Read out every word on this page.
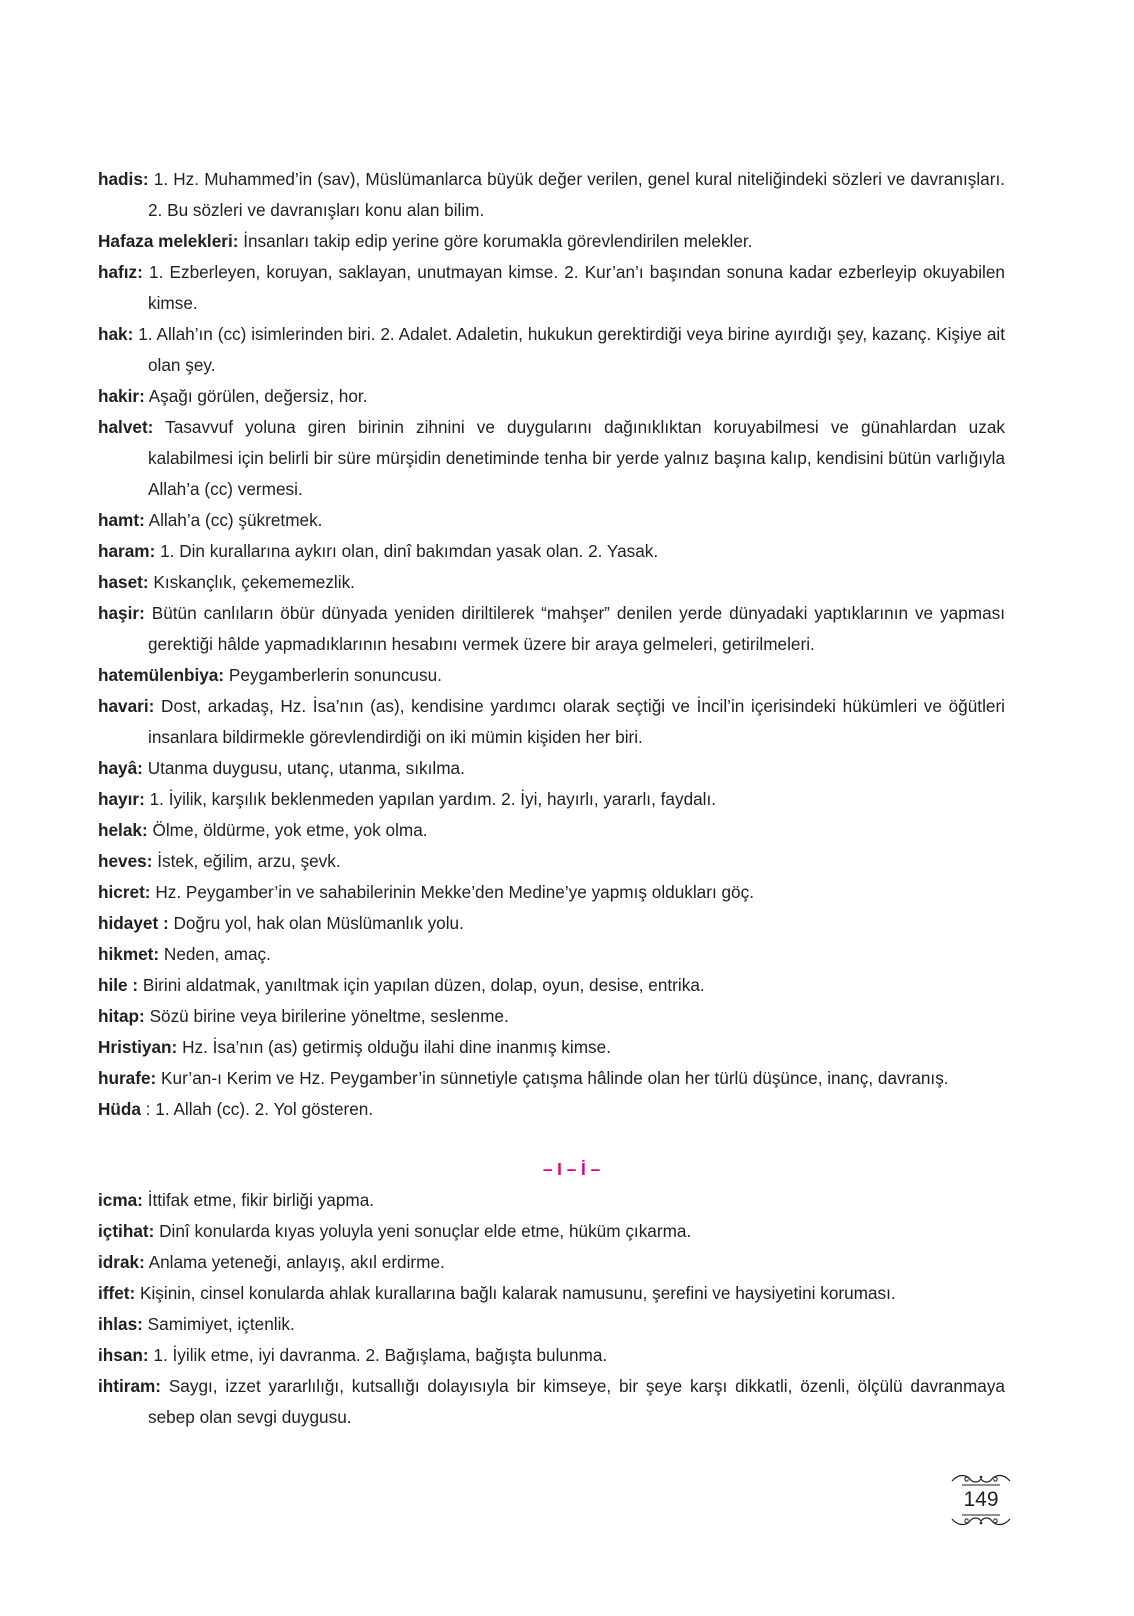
hadis: 1. Hz. Muhammed’in (sav), Müslümanlarca büyük değer verilen, genel kural niteliğindeki sözleri ve davranışları. 2. Bu sözleri ve davranışları konu alan bilim.

Hafaza melekleri: İnsanları takip edip yerine göre korumakla görevlendirilen melekler.

hafız: 1. Ezberleyen, koruyan, saklayan, unutmayan kimse. 2. Kur’an’ı başından sonuna kadar ezberleyip okuyabilen kimse.

hak: 1. Allah’ın (cc) isimlerinden biri. 2. Adalet. Adaletin, hukukun gerektirdiği veya birine ayırdığı şey, kazanç. Kişiye ait olan şey.

hakir: Aşağı görülen, değersiz, hor.

halvet: Tasavvuf yoluna giren birinin zihnini ve duygularını dağınıklıktan koruyabilmesi ve günahlardan uzak kalabilmesi için belirli bir süre mürşidin denetiminde tenha bir yerde yalnız başına kalıp, kendisini bütün varlığıyla Allah’a (cc) vermesi.

hamt: Allah’a (cc) şükretmek.

haram: 1. Din kurallarına aykırı olan, dinî bakımdan yasak olan. 2. Yasak.

haset: Kıskançlık, çekememezlik.

haşir: Bütün canlıların öbür dünyada yeniden diriltilerek “mahşer” denilen yerde dünyadaki yaptıklarının ve yapması gerektiği hâlde yapmadıklarının hesabını vermek üzere bir araya gelmeleri, getirilmeleri.

hatemülenbiya: Peygamberlerin sonuncusu.

havari: Dost, arkadaş, Hz. İsa’nın (as), kendisine yardımcı olarak seçtiği ve İncil’in içerisindeki hükümleri ve öğütleri insanlara bildirmekle görevlendirdiği on iki mümin kişiden her biri.

hayâ: Utanma duygusu, utanç, utanma, sıkılma.

hayır: 1. İyilik, karşılık beklenmeden yapılan yardım. 2. İyi, hayırlı, yararlı, faydalı.

helak: Ölme, öldürme, yok etme, yok olma.

heves: İstek, eğilim, arzu, şevk.

hicret: Hz. Peygamber’in ve sahabilerinin Mekke’den Medine’ye yapmış oldukları göç.

hidayet : Doğru yol, hak olan Müslümanlık yolu.

hikmet: Neden, amaç.

hile : Birini aldatmak, yanıltmak için yapılan düzen, dolap, oyun, desise, entrika.

hitap: Sözü birine veya birilerine yöneltme, seslenme.

Hristiyan: Hz. İsa’nın (as) getirmiş olduğu ilahi dine inanmış kimse.

hurafe: Kur’an-ı Kerim ve Hz. Peygamber’in sünnetiyle çatışma hâlinde olan her türlü düşünce, inanç, davranış.

Hüda : 1. Allah (cc). 2. Yol gösteren.

– I – İ –

icma: İttifak etme, fikir birliği yapma.

içtihat: Dinî konularda kıyas yoluyla yeni sonuçlar elde etme, hüküm çıkarma.

idrak: Anlama yeteneği, anlayış, akıl erdirme.

iffet: Kişinin, cinsel konularda ahlak kurallarına bağlı kalarak namusunu, şerefini ve haysiyetini koruması.

ihlas: Samimiyet, içtenlik.

ihsan: 1. İyilik etme, iyi davranma. 2. Bağışlama, bağışta bulunma.

ihtiram: Saygı, izzet yararlılığı, kutsallığı dolayısıyla bir kimseye, bir şeye karşı dikkatli, özenli, ölçülü davranmaya sebep olan sevgi duygusu.

149
